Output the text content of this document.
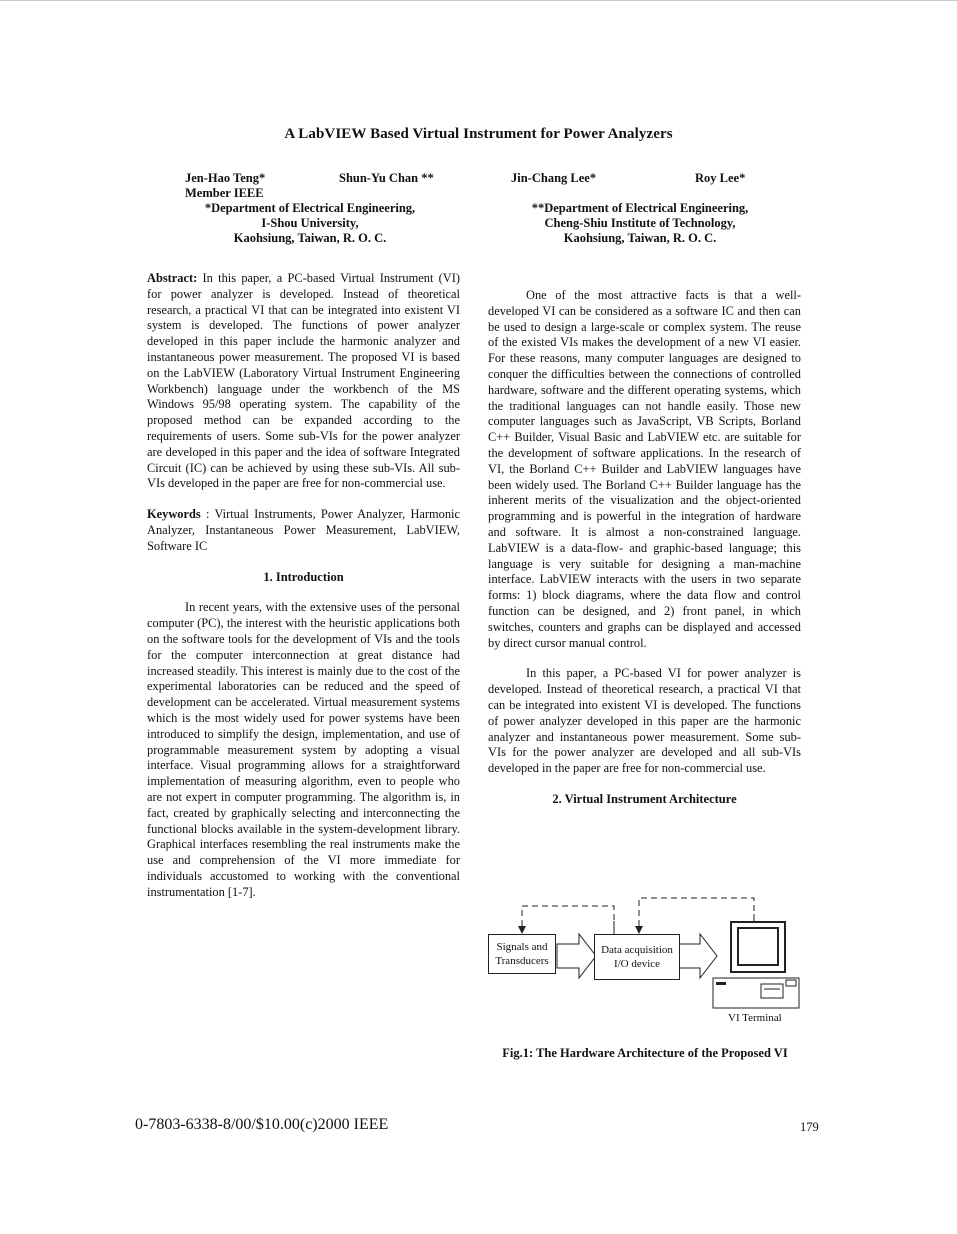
A LabVIEW Based Virtual Instrument for Power Analyzers
Jen-Hao Teng*
Member IEEE
Shun-Yu Chan **	Jin-Chang Lee*	Roy Lee*
*Department of Electrical Engineering,
I-Shou University,
Kaohsiung, Taiwan, R. O. C.
**Department of Electrical Engineering,
Cheng-Shiu Institute of Technology,
Kaohsiung, Taiwan, R. O. C.

Abstract: In this paper, a PC-based Virtual Instrument (VI) for power analyzer is developed. Instead of theoretical research, a practical VI that can be integrated into existent VI system is developed. The functions of power analyzer developed in this paper include the harmonic analyzer and instantaneous power measurement. The proposed VI is based on the LabVIEW (Laboratory Virtual Instrument Engineering Workbench) language under the workbench of the MS Windows 95/98 operating system. The capability of the proposed method can be expanded according to the requirements of users. Some sub-VIs for the power analyzer are developed in this paper and the idea of software Integrated Circuit (IC) can be achieved by using these sub-VIs. All sub-VIs developed in the paper are free for non-commercial use.

Keywords : Virtual Instruments, Power Analyzer, Harmonic Analyzer, Instantaneous Power Measurement, LabVIEW, Software IC

1. Introduction

In recent years, with the extensive uses of the personal computer (PC), the interest with the heuristic applications both on the software tools for the development of VIs and the tools for the computer interconnection at great distance had increased steadily. This interest is mainly due to the cost of the experimental laboratories can be reduced and the speed of development can be accelerated. Virtual measurement systems which is the most widely used for power systems have been introduced to simplify the design, implementation, and use of programmable measurement system by adopting a visual interface. Visual programming allows for a straightforward implementation of measuring algorithm, even to people who are not expert in computer programming. The algorithm is, in fact, created by graphically selecting and interconnecting the functional blocks available in the system-development library. Graphical interfaces resembling the real instruments make the use and comprehension of the VI more immediate for individuals accustomed to working with the conventional instrumentation [1-7].

One of the most attractive facts is that a well-developed VI can be considered as a software IC and then can be used to design a large-scale or complex system. The reuse of the existed VIs makes the development of a new VI easier. For these reasons, many computer languages are designed to conquer the difficulties between the connections of controlled hardware, software and the different operating systems, which the traditional languages can not handle easily. Those new computer languages such as JavaScript, VB Scripts, Borland C++ Builder, Visual Basic and LabVIEW etc. are suitable for the development of software applications. In the research of VI, the Borland C++ Builder and LabVIEW languages have been widely used. The Borland C++ Builder language has the inherent merits of the visualization and the object-oriented programming and is powerful in the integration of hardware and software. It is almost a non-constrained language. LabVIEW is a data-flow- and graphic-based language; this language is very suitable for designing a man-machine interface. LabVIEW interacts with the users in two separate forms: 1) block diagrams, where the data flow and control function can be designed, and 2) front panel, in which switches, counters and graphs can be displayed and accessed by direct cursor manual control.

In this paper, a PC-based VI for power analyzer is developed. Instead of theoretical research, a practical VI that can be integrated into existent VI is developed. The functions of power analyzer developed in this paper are the harmonic analyzer and instantaneous power measurement. Some sub-VIs for the power analyzer are developed and all sub-VIs developed in the paper are free for non-commercial use.

2. Virtual Instrument Architecture
Signals and Transducers
Data acquisition I/O device
VI Terminal
Fig.1: The Hardware Architecture of the Proposed VI
0-7803-6338-8/00/$10.00(c)2000 IEEE	179
